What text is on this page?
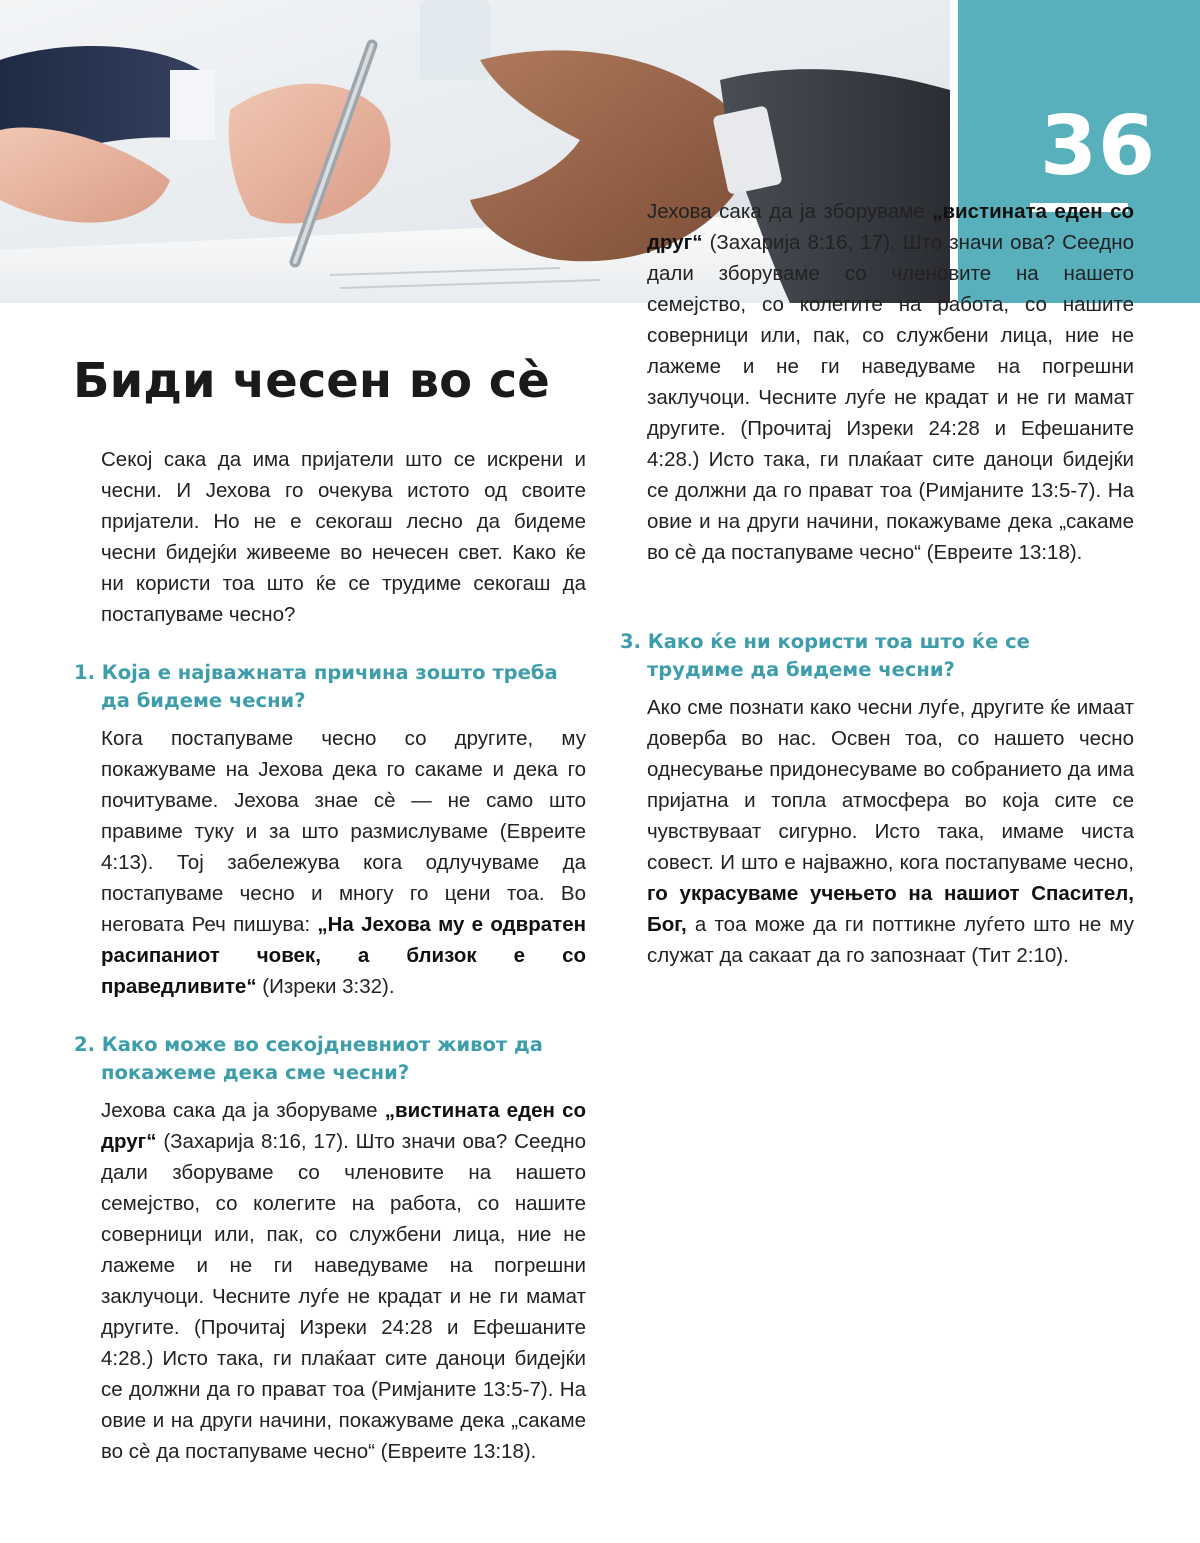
36
Биди чесен во сè

Секој сака да има пријатели што се искрени и чесни. И Јехова го очекува истото од своите пријатели. Но не е секогаш лесно да бидеме чесни бидејќи живееме во нечесен свет. Како ќе ни користи тоа што ќе се трудиме секогаш да постапуваме чесно?

1. Која е најважната причина зошто треба да бидеме чесни?

Кога постапуваме чесно со другите, му покажуваме на Јехова дека го сакаме и дека го почитуваме. Јехова знае сè — не само што правиме туку и за што размислуваме (Евреите 4:13). Тој забележува кога одлучуваме да постапуваме чесно и многу го цени тоа. Во неговата Реч пишува: „На Јехова му е одвратен расипаниот човек, а близок е со праведливите“ (Изреки 3:32).

2. Како може во секојдневниот живот да покажеме дека сме чесни?

Јехова сака да ја зборуваме „вистината еден со друг“ (Захарија 8:16, 17). Што значи ова? Сеедно дали зборуваме со членовите на нашето семејство, со колегите на работа, со нашите соверници или, пак, со службени лица, ние не лажеме и не ги наведуваме на погрешни заклучоци. Чесните луѓе не крадат и не ги мамат другите. (Прочитај Изреки 24:28 и Ефешаните 4:28.) Исто така, ги плаќаат сите даноци бидејќи се должни да го прават тоа (Римјаните 13:5-7). На овие и на други начини, покажуваме дека „сакаме во сè да постапуваме чесно“ (Евреите 13:18).

Јехова сака да ја зборуваме „вистината еден со друг“ (Захарија 8:16, 17). Што значи ова? Сеедно дали зборуваме со членовите на нашето семејство, со колегите на работа, со нашите соверници или, пак, со службени лица, ние не лажеме и не ги наведуваме на погрешни заклучоци. Чесните луѓе не крадат и не ги мамат другите. (Прочитај Изреки 24:28 и Ефешаните 4:28.) Исто така, ги плаќаат сите даноци бидејќи се должни да го прават тоа (Римјаните 13:5-7). На овие и на други начини, покажуваме дека „сакаме во сè да постапуваме чесно“ (Евреите 13:18).

3. Како ќе ни користи тоа што ќе се трудиме да бидеме чесни?

Ако сме познати како чесни луѓе, другите ќе имаат доверба во нас. Освен тоа, со нашето чесно однесување придонесуваме во собранието да има пријатна и топла атмосфера во која сите се чувствуваат сигурно. Исто така, имаме чиста совест. И што е најважно, кога постапуваме чесно, го украсуваме учењето на нашиот Спасител, Бог, а тоа може да ги поттикне луѓето што не му служат да сакаат да го запознаат (Тит 2:10).
